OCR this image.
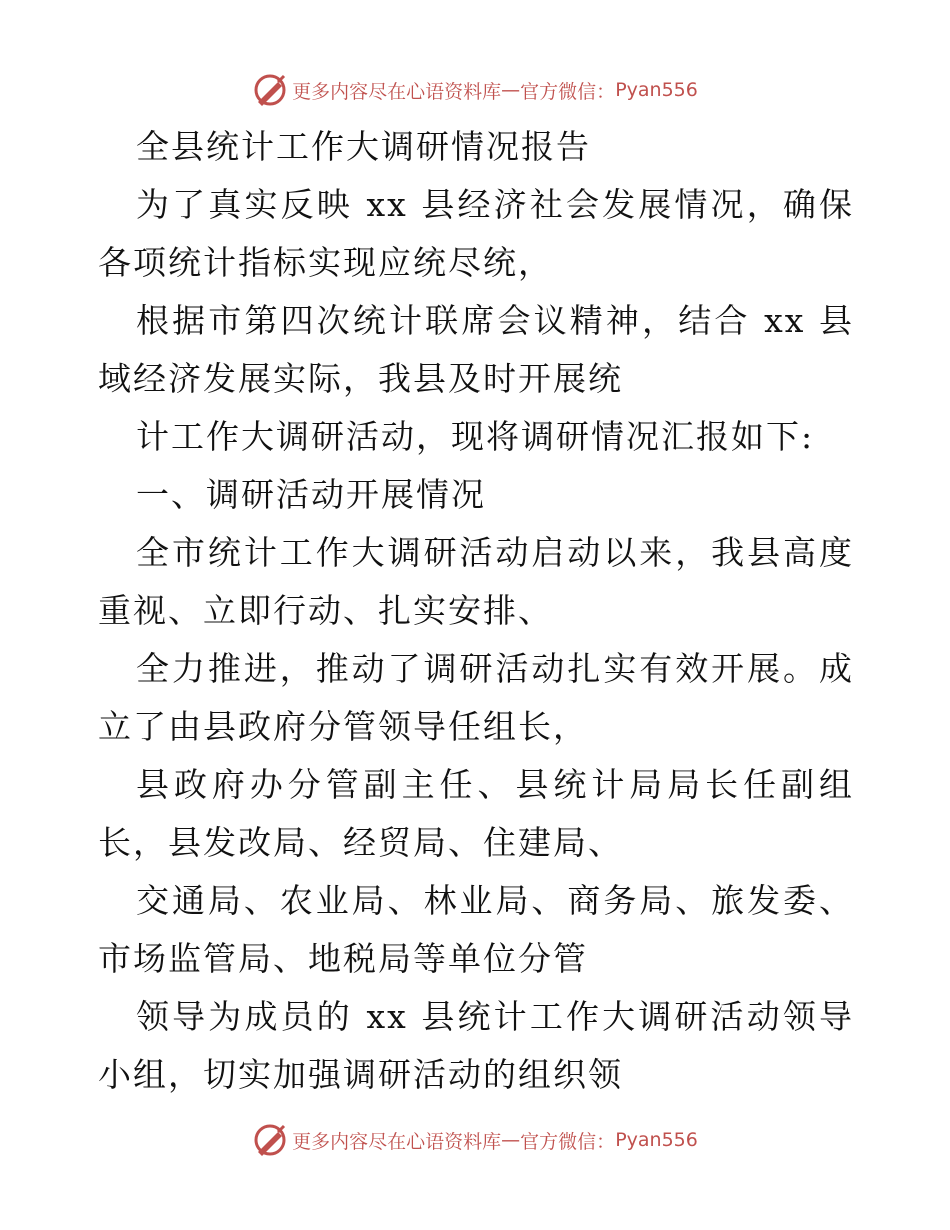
更多内容尽在心语资料库 — 官方微信： Pyan556

全县统计工作大调研情况报告

为了真实反映 xx 县经济社会发展情况，确保各项统计指标实现应统尽统，

根据市第四次统计联席会议精神，结合 xx 县域经济发展实际，我县及时开展统

计工作大调研活动，现将调研情况汇报如下:

一、调研活动开展情况

全市统计工作大调研活动启动以来，我县高度重视、立即行动、扎实安排、

全力推进，推动了调研活动扎实有效开展。成立了由县政府分管领导任组长，

县政府办分管副主任、县统计局局长任副组长，县发改局、经贸局、住建局、

交通局、农业局、林业局、商务局、旅发委、市场监管局、地税局等单位分管

领导为成员的 xx 县统计工作大调研活动领导小组，切实加强调研活动的组织领

更多内容尽在心语资料库 — 官方微信： Pyan556
